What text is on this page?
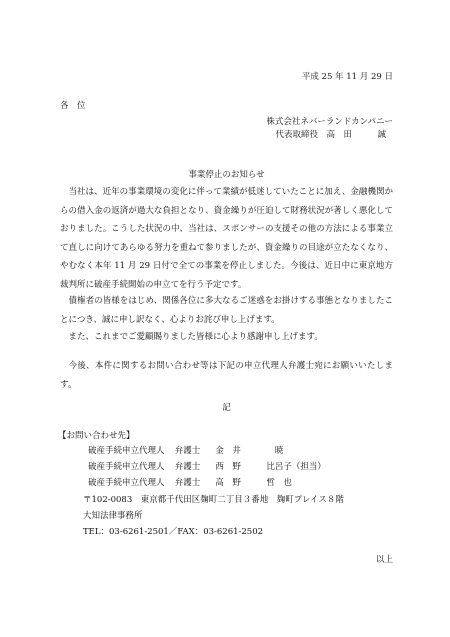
平成 25 年 11 月 29 日
各　位
株式会社ネバーランドカンパニー
代表取締役　高　田　　　誠
事業停止のお知らせ
当社は、近年の事業環境の変化に伴って業績が低迷していたことに加え、金融機関からの借入金の返済が過大な負担となり、資金繰りが圧迫して財務状況が著しく悪化しておりました。こうした状況の中、当社は、スポンサーの支援その他の方法による事業立て直しに向けてあらゆる努力を重ねて参りましたが、資金繰りの目途が立たなくなり、やむなく本年 11 月 29 日付で全ての事業を停止しました。今後は、近日中に東京地方裁判所に破産手続開始の申立てを行う予定です。
債権者の皆様をはじめ、関係各位に多大なるご迷惑をお掛けする事態となりましたことにつき、誠に申し訳なく、心よりお詫び申し上げます。
また、これまでご愛顧賜りました皆様に心より感謝申し上げます。
今後、本件に関するお問い合わせ等は下記の申立代理人弁護士宛にお願いいたします。
記
【お問い合わせ先】
破産手続申立代理人 弁護士 金　井　　　　暁
破産手続申立代理人 弁護士 西　野　　　比呂子（担当）
破産手続申立代理人 弁護士 高　野　　　哲　也
〒102-0083　東京都千代田区麹町二丁目３番地　麹町プレイス８階
大知法律事務所
TEL：03-6261-2501／FAX：03-6261-2502
以上
